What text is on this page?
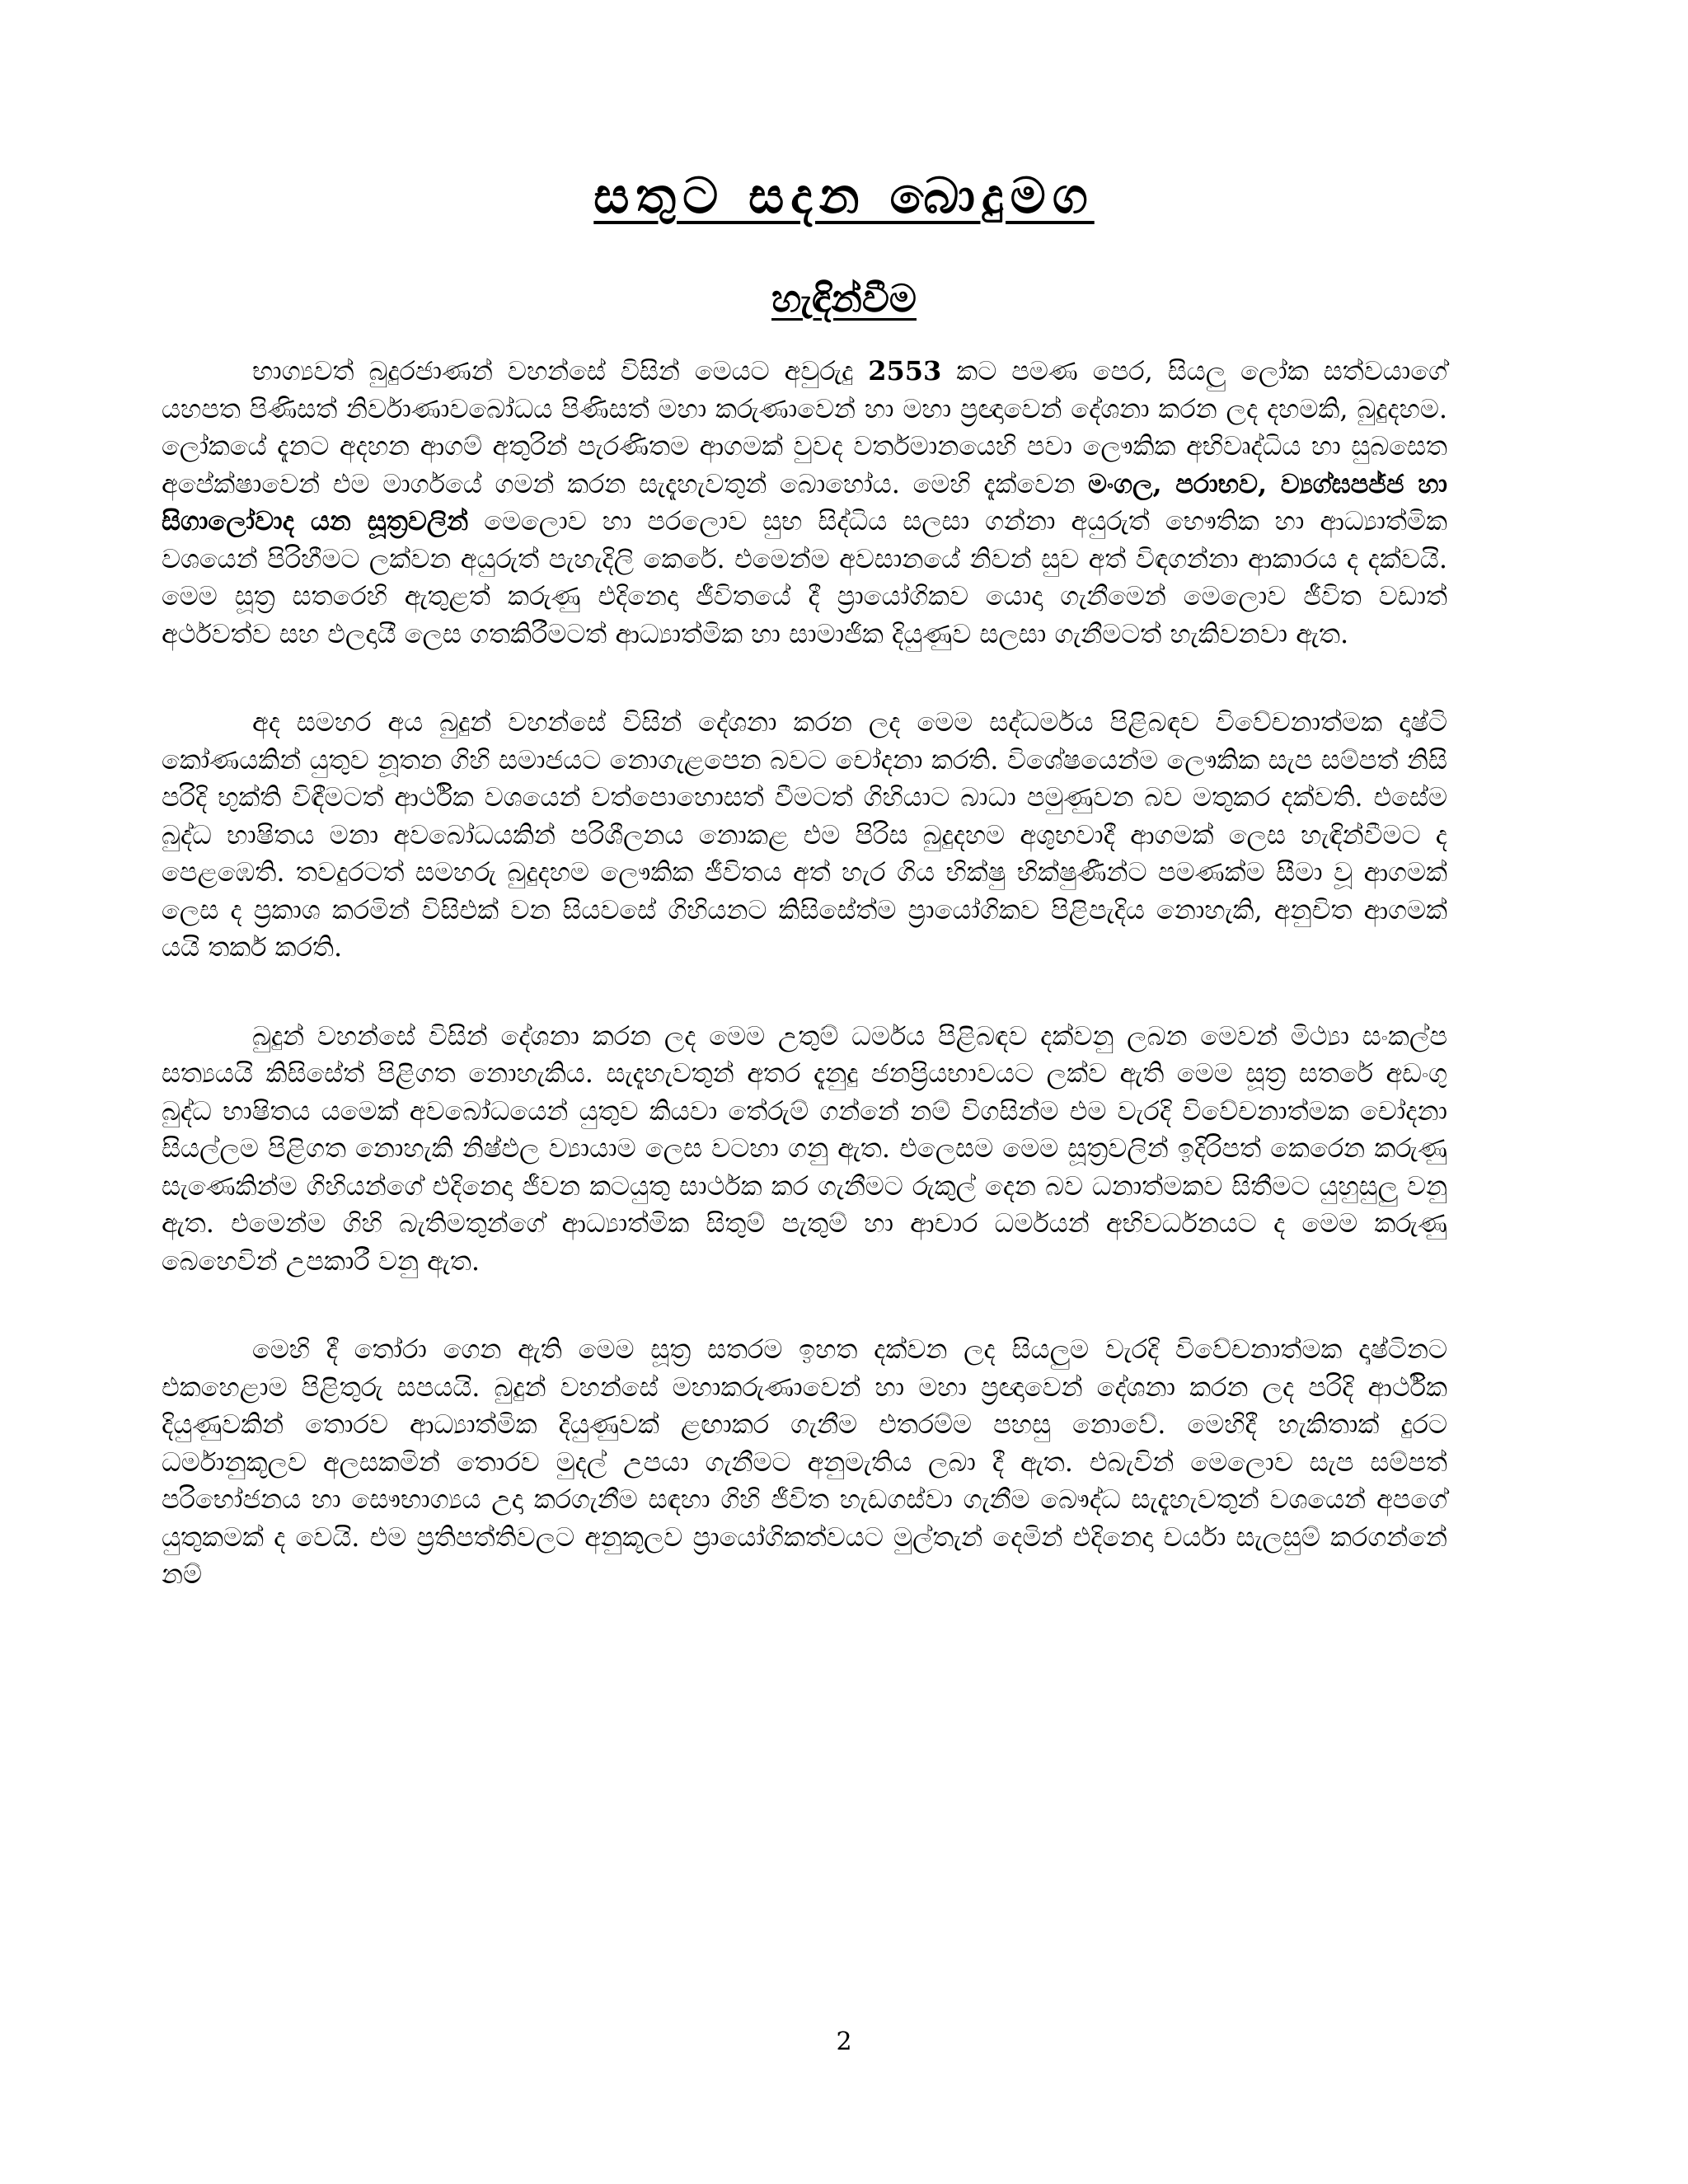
සතුට සදන බොදුමග
හැඳින්වීම

භාග්‍යවත් බුදුරජාණන් වහන්සේ විසින් මෙයට අවුරුදු 2553 කට පමණ පෙර, සියලු ලෝක සත්වයාගේ යහපත පිණිසත් නිර්වාණාවබෝධය පිණිසත් මහා කරුණාවෙන් හා මහා ප්‍රඥාවෙන් දේශනා කරන ලද දහමකි, බුදුදහම. ලෝකයේ දැනට අදහන ආගම් අතුරින් පැරණිතම ආගමක් වුවද වර්තමානයෙහි පවා ලෞකික අභිවෘද්ධිය හා සුබසෙත අපේක්ෂාවෙන් එම මාර්ගයේ ගමන් කරන සැදැහැවතුන් බොහෝය. මෙහි දැක්වෙන මංගල, පරාභව, ව්‍යග්ඝපජ්ජ හා සිගාලෝවාද යන සූත්‍රවලින් මෙලොව හා පරලොව සුභ සිද්ධිය සලසා ගන්නා අයුරුත් භෞතික හා ආධ්‍යාත්මික වශයෙන් පිරිහීමට ලක්වන අයුරුත් පැහැදිලි කෙරේ. එමෙන්ම අවසානයේ නිවන් සුව අත් විඳගන්නා ආකාරය ද දක්වයි. මෙම සූත්‍ර සතරෙහි ඇතුළත් කරුණු එදිනෙදා ජීවිතයේ දී ප්‍රායෝගිකව යොදා ගැනීමෙන් මෙලොව ජීවිත වඩාත් අර්ථවත්ව සහ ඵලදායී ලෙස ගතකිරීමටත් ආධ්‍යාත්මික හා සාමාජික දියුණුව සලසා ගැනීමටත් හැකිවනවා ඇත.

අද සමහර අය බුදුන් වහන්සේ විසින් දේශනා කරන ලද මෙම සද්ධර්මය පිළිබඳව විවේචනාත්මක දෘෂ්ටි කෝණයකින් යුතුව නූතන ගිහි සමාජයට නොගැළපෙන බවට චෝදනා කරති. විශේෂයෙන්ම ලෞකික සැප සම්පත් නිසි පරිදි භුක්ති විඳීමටත් ආර්ථික වශයෙන් වත්පොහොසත් වීමටත් ගිහියාට බාධා පමුණුවන බව මතුකර දක්වති. එසේම බුද්ධ භාෂිතය මනා අවබෝධයකින් පරිශීලනය නොකළ එම පිරිස බුදුදහම අශුභවාදී ආගමක් ලෙස හැඳින්වීමට ද පෙළඹෙති. තවදුරටත් සමහරු බුදුදහම ලෞකික ජීවිතය අත් හැර ගිය භික්ෂු භික්ෂුණීන්ට පමණක්ම සීමා වූ ආගමක් ලෙස ද ප්‍රකාශ කරමින් විසිඑක් වන සියවසේ ගිහියනට කිසිසේත්ම ප්‍රායෝගිකව පිළිපැදිය නොහැකි, අනුචිත ආගමක් යයි තර්ක කරති.

බුදුන් වහන්සේ විසින් දේශනා කරන ලද මෙම උතුම් ධර්මය පිළිබඳව දක්වනු ලබන මෙවන් මිථ්‍යා සංකල්ප සත්‍යයයි කිසිසේත් පිළිගත නොහැකිය. සැදැහැවතුන් අතර දැනුදු ජනප්‍රියභාවයට ලක්ව ඇති මෙම සූත්‍ර සතරේ අඩංගු බුද්ධ භාෂිතය යමෙක් අවබෝධයෙන් යුතුව කියවා තේරුම් ගන්නේ නම් විගසින්ම එම වැරදි විවේචනාත්මක චෝදනා සියල්ලම පිළිගත නොහැකි නිෂ්ඵල ව්‍යායාම ලෙස වටහා ගනු ඇත. එලෙසම මෙම සූත්‍රවලින් ඉදිරිපත් කෙරෙන කරුණු සැණෙකින්ම ගිහියන්ගේ එදිනෙදා ජීවන කටයුතු සාර්ථක කර ගැනීමට රුකුල් දෙන බව ධනාත්මකව සිතීමට යුහුසුලු වනු ඇත. එමෙන්ම ගිහි බැතිමතුන්ගේ ආධ්‍යාත්මික සිතුම් පැතුම් හා ආචාර ධර්මයන් අභිවර්ධනයට ද මෙම කරුණු බෙහෙවින් උපකාරී වනු ඇත.

මෙහි දී තෝරා ගෙන ඇති මෙම සූත්‍ර සතරම ඉහත දක්වන ලද සියලුම වැරදි විවේචනාත්මක දෘෂ්ටිනට එකහෙළාම පිළිතුරු සපයයි. බුදුන් වහන්සේ මහාකරුණාවෙන් හා මහා ප්‍රඥාවෙන් දේශනා කරන ලද පරිදි ආර්ථික දියුණුවකින් තොරව ආධ්‍යාත්මික දියුණුවක් ළඟාකර ගැනීම එතරම්ම පහසු නොවේ. මෙහිදී හැකිතාක් දුරට ධර්මානුකූලව අලසකමින් තොරව මුදල් උපයා ගැනීමට අනුමැතිය ලබා දී ඇත. එබැවින් මෙලොව සැප සම්පත් පරිභෝජනය හා සෞභාග්‍යය උදා කරගැනීම සඳහා ගිහි ජීවිත හැඩගස්වා ගැනීම බෞද්ධ සැදැහැවතුන් වශයෙන් අපගේ යුතුකමක් ද වෙයි. එම ප්‍රතිපත්තිවලට අනුකූලව ප්‍රායෝගිකත්වයට මුල්තැන් දෙමින් එදිනෙදා චර්යා සැලසුම් කරගන්නේ නම්

2
